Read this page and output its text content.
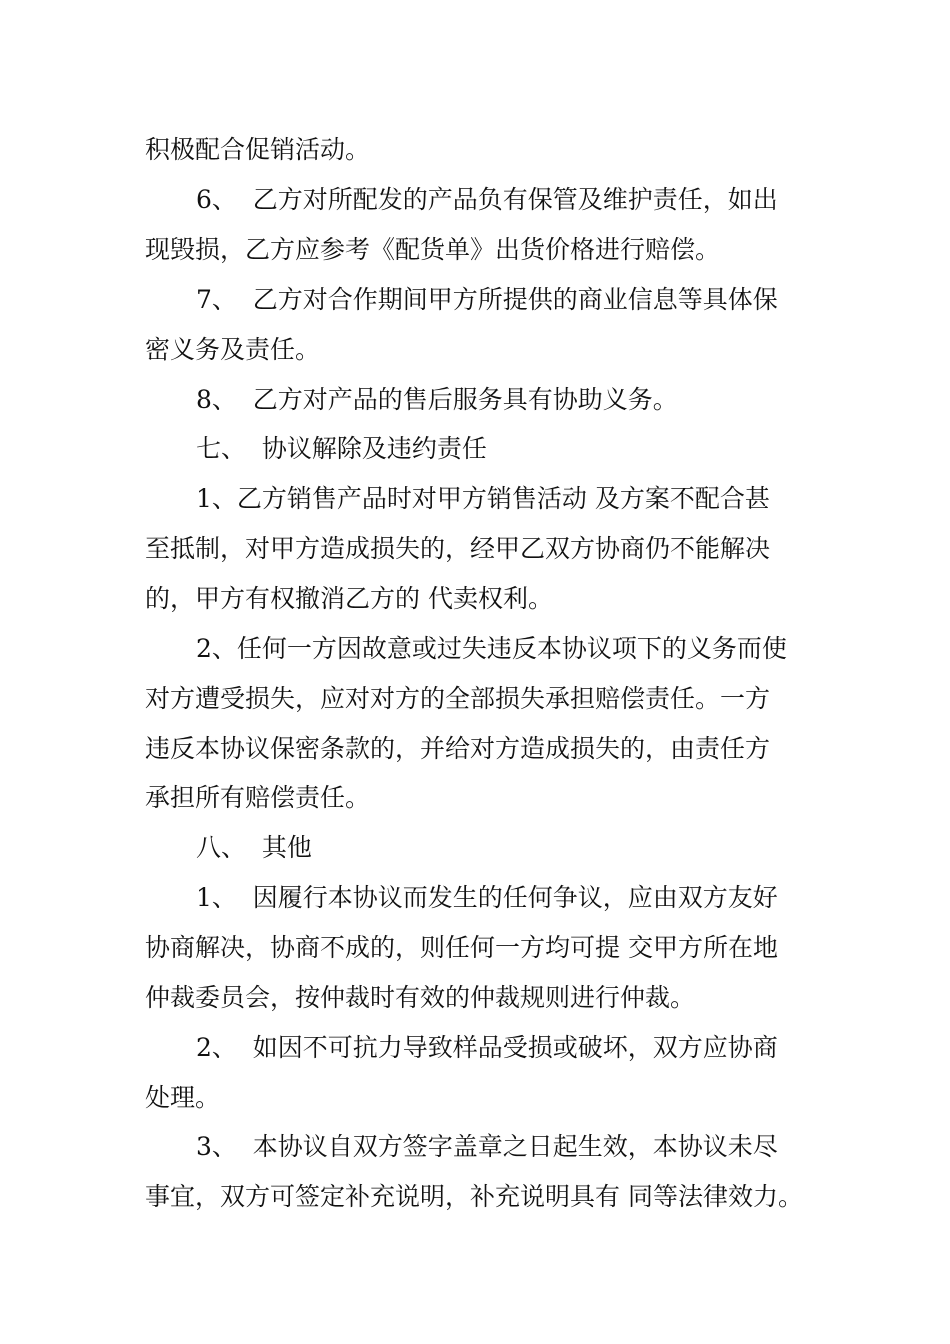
积极配合促销活动。
6、  乙方对所配发的产品负有保管及维护责任，如出
现毁损，乙方应参考《配货单》出货价格进行赔偿。
7、  乙方对合作期间甲方所提供的商业信息等具体保
密义务及责任。
8、  乙方对产品的售后服务具有协助义务。
七、  协议解除及违约责任
1、乙方销售产品时对甲方销售活动 及方案不配合甚
至抵制，对甲方造成损失的，经甲乙双方协商仍不能解决
的，甲方有权撤消乙方的 代卖权利。
2、任何一方因故意或过失违反本协议项下的义务而使
对方遭受损失，应对对方的全部损失承担赔偿责任。一方
违反本协议保密条款的，并给对方造成损失的，由责任方
承担所有赔偿责任。
八、  其他
1、  因履行本协议而发生的任何争议，应由双方友好
协商解决，协商不成的，则任何一方均可提 交甲方所在地
仲裁委员会，按仲裁时有效的仲裁规则进行仲裁。
2、  如因不可抗力导致样品受损或破坏，双方应协商
处理。
3、  本协议自双方签字盖章之日起生效，本协议未尽
事宜，双方可签定补充说明，补充说明具有 同等法律效力。
